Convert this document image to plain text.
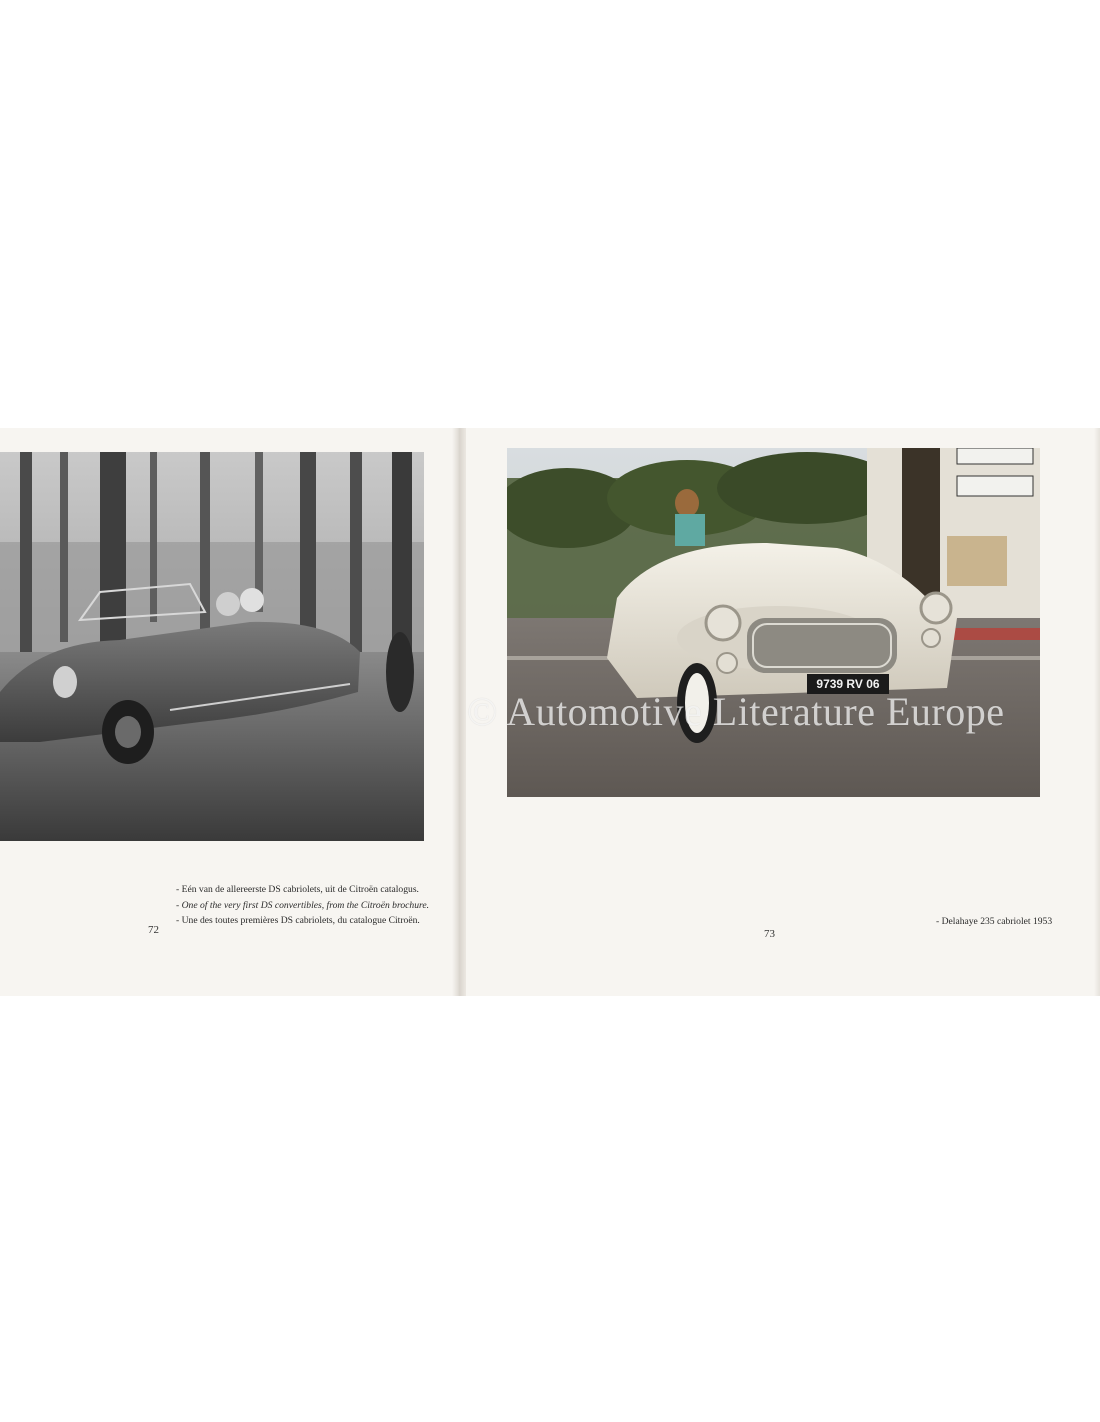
9739 RV 06
© Automotive Literature Europe
- Eén van de allereerste DS cabriolets, uit de Citroën catalogus.
- One of the very first DS convertibles, from the Citroën brochure.
- Une des toutes premières DS cabriolets, du catalogue Citroën.
72
- Delahaye 235 cabriolet 1953
73
